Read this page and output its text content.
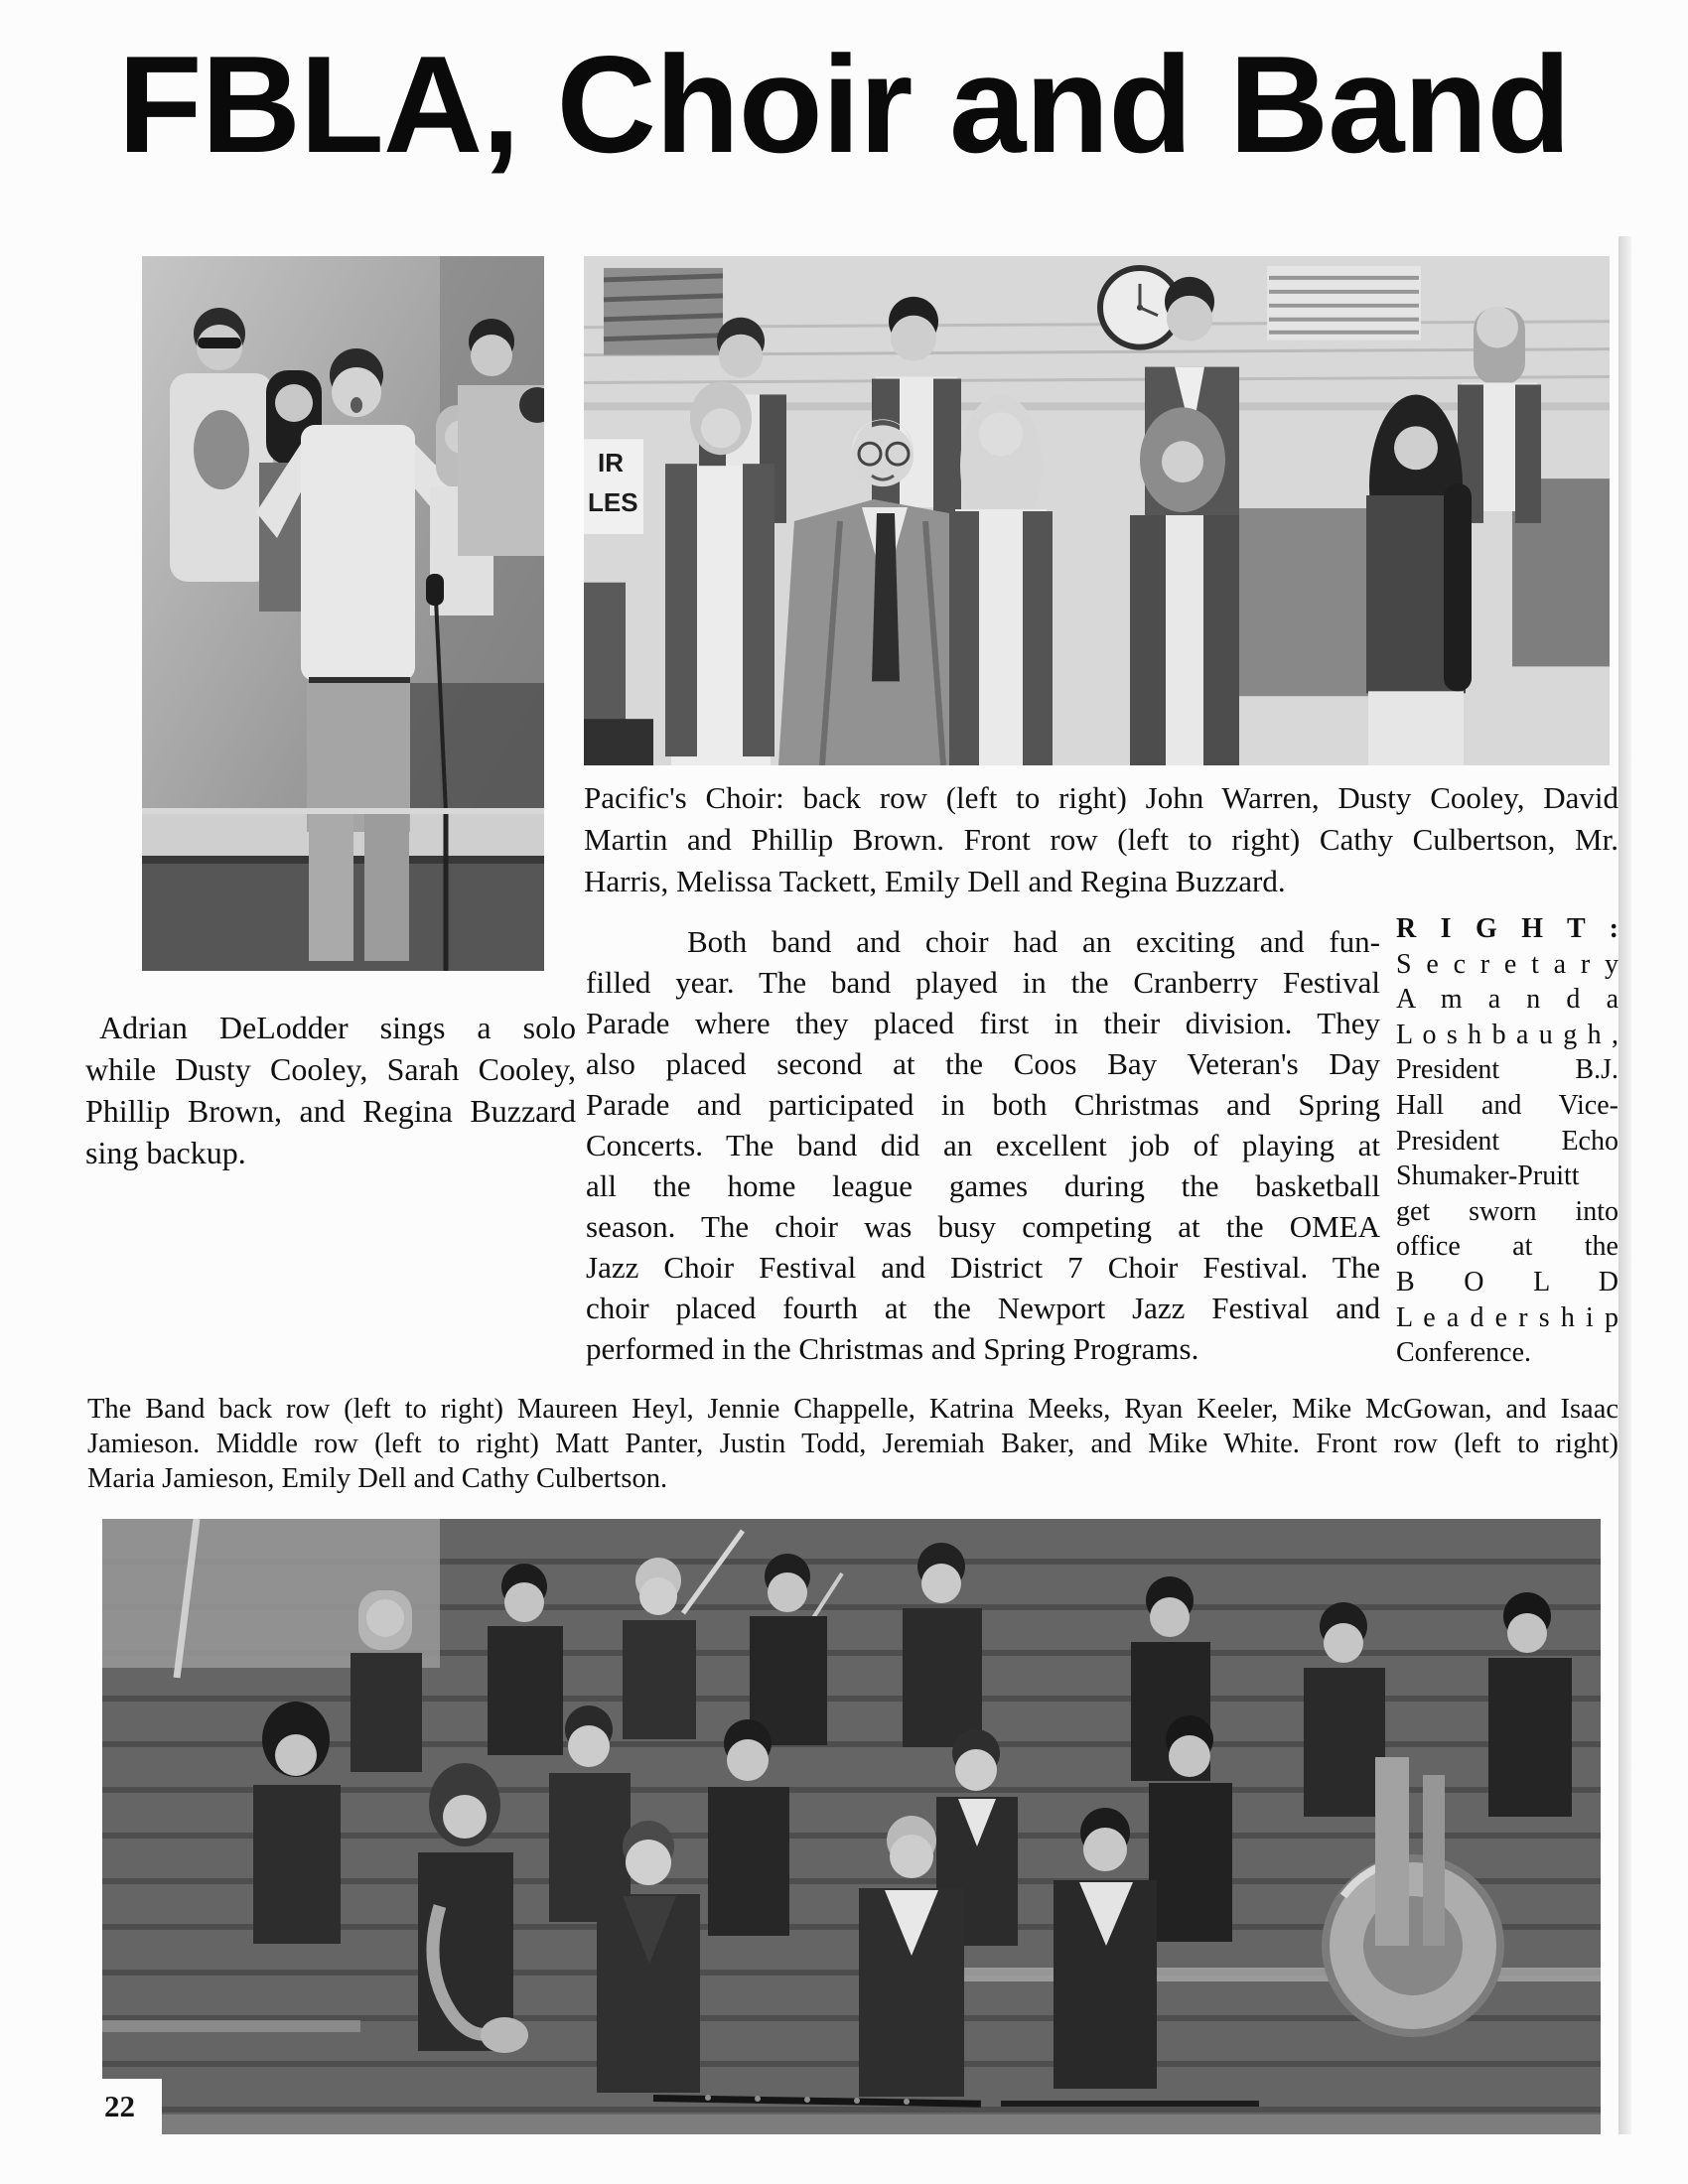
FBLA, Choir and Band
IR
LES
Pacific's Choir: back row (left to right) John Warren, Dusty Cooley, David
Martin and Phillip Brown. Front row (left to right) Cathy Culbertson, Mr.
Harris, Melissa Tackett, Emily Dell and Regina Buzzard.
Adrian DeLodder sings a solo
while Dusty Cooley, Sarah Cooley,
Phillip Brown, and Regina Buzzard
sing backup.
Both band and choir had an exciting and fun-
filled year. The band played in the Cranberry Festival
Parade where they placed first in their division. They
also placed second at the Coos Bay Veteran's Day
Parade and participated in both Christmas and Spring
Concerts. The band did an excellent job of playing at
all the home league games during the basketball
season. The choir was busy competing at the OMEA
Jazz Choir Festival and District 7 Choir Festival. The
choir placed fourth at the Newport Jazz Festival and
performed in the Christmas and Spring Programs.
R I G H T :
S e c r e t a r y
A m a n d a
L o s h b a u g h ,
President B.J.
Hall and Vice-
President Echo
Shumaker-Pruitt
get sworn into
office at the
B O L D
L e a d e r s h i p
Conference.
The Band back row (left to right) Maureen Heyl, Jennie Chappelle, Katrina Meeks, Ryan Keeler, Mike McGowan, and Isaac
Jamieson. Middle row (left to right) Matt Panter, Justin Todd, Jeremiah Baker, and Mike White. Front row (left to right)
Maria Jamieson, Emily Dell and Cathy Culbertson.
22
